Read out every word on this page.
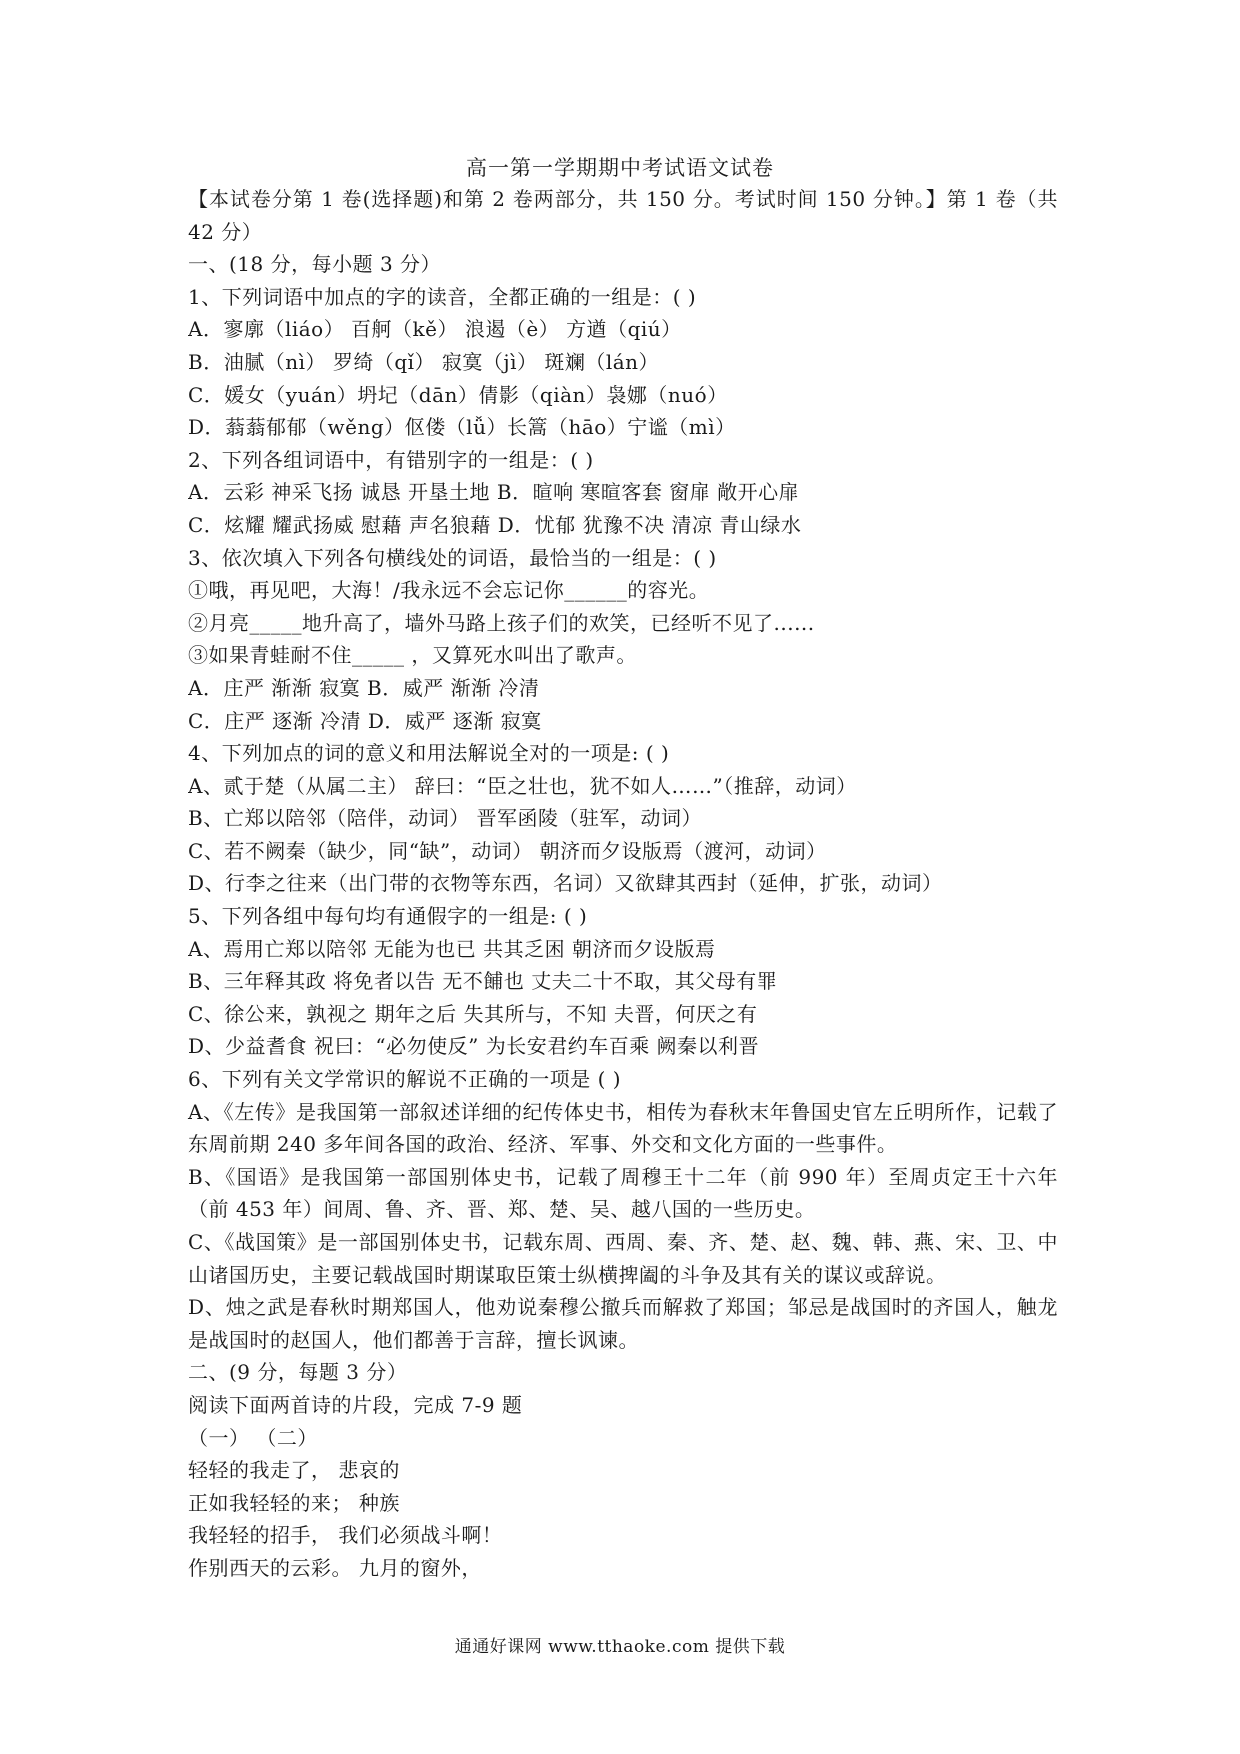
高一第一学期期中考试语文试卷
【本试卷分第 1 卷(选择题)和第 2 卷两部分，共 150 分。考试时间 150 分钟。】第 1 卷（共 42 分）
一、(18 分，每小题 3 分）
1、下列词语中加点的字的读音，全都正确的一组是：( )
A．寥廓（liáo） 百舸（kě） 浪遏（è） 方遒（qiú）
B．油腻（nì） 罗绮（qǐ） 寂寞（jì） 斑斓（lán）
C．媛女（yuán）坍圮（dān）倩影（qiàn）袅娜（nuó）
D．蓊蓊郁郁（wěng）伛偻（lǚ）长篙（hāo）宁谧（mì）
2、下列各组词语中，有错别字的一组是：( )
A．云彩 神采飞扬 诚恳 开垦土地 B．暄响 寒暄客套 窗扉 敞开心扉
C．炫耀 耀武扬威 慰藉 声名狼藉 D．忧郁 犹豫不决 清凉 青山绿水
3、依次填入下列各句横线处的词语，最恰当的一组是：( )
①哦，再见吧，大海！/我永远不会忘记你______的容光。
②月亮_____地升高了，墙外马路上孩子们的欢笑，已经听不见了......
③如果青蛙耐不住_____ ，又算死水叫出了歌声。
A．庄严 渐渐 寂寞 B．威严 渐渐 冷清
C．庄严 逐渐 冷清 D．威严 逐渐 寂寞
4、下列加点的词的意义和用法解说全对的一项是: ( )
A、贰于楚（从属二主） 辞曰：“臣之壮也，犹不如人……”（推辞，动词）
B、亡郑以陪邻（陪伴，动词） 晋军函陵（驻军，动词）
C、若不阙秦（缺少，同“缺”，动词） 朝济而夕设版焉（渡河，动词）
D、行李之往来（出门带的衣物等东西，名词）又欲肆其西封（延伸，扩张，动词）
5、下列各组中每句均有通假字的一组是: ( )
A、焉用亡郑以陪邻 无能为也已 共其乏困 朝济而夕设版焉
B、三年释其政 将免者以告 无不餔也 丈夫二十不取，其父母有罪
C、徐公来，孰视之 期年之后 失其所与，不知 夫晋，何厌之有
D、少益耆食 祝曰：“必勿使反” 为长安君约车百乘 阙秦以利晋
6、下列有关文学常识的解说不正确的一项是 ( )
A、《左传》是我国第一部叙述详细的纪传体史书，相传为春秋末年鲁国史官左丘明所作，记载了东周前期 240 多年间各国的政治、经济、军事、外交和文化方面的一些事件。
B、《国语》是我国第一部国别体史书，记载了周穆王十二年（前 990 年）至周贞定王十六年（前 453 年）间周、鲁、齐、晋、郑、楚、吴、越八国的一些历史。
C、《战国策》是一部国别体史书，记载东周、西周、秦、齐、楚、赵、魏、韩、燕、宋、卫、中山诸国历史，主要记载战国时期谋取臣策士纵横捭阖的斗争及其有关的谋议或辞说。
D、烛之武是春秋时期郑国人，他劝说秦穆公撤兵而解救了郑国；邹忌是战国时的齐国人，触龙是战国时的赵国人，他们都善于言辞，擅长讽谏。
二、(9 分，每题 3 分）
阅读下面两首诗的片段，完成 7-9 题
（一） （二）
轻轻的我走了， 悲哀的
正如我轻轻的来； 种族
我轻轻的招手， 我们必须战斗啊！
作别西天的云彩。 九月的窗外，
通通好课网 www.tthaoke.com 提供下载
